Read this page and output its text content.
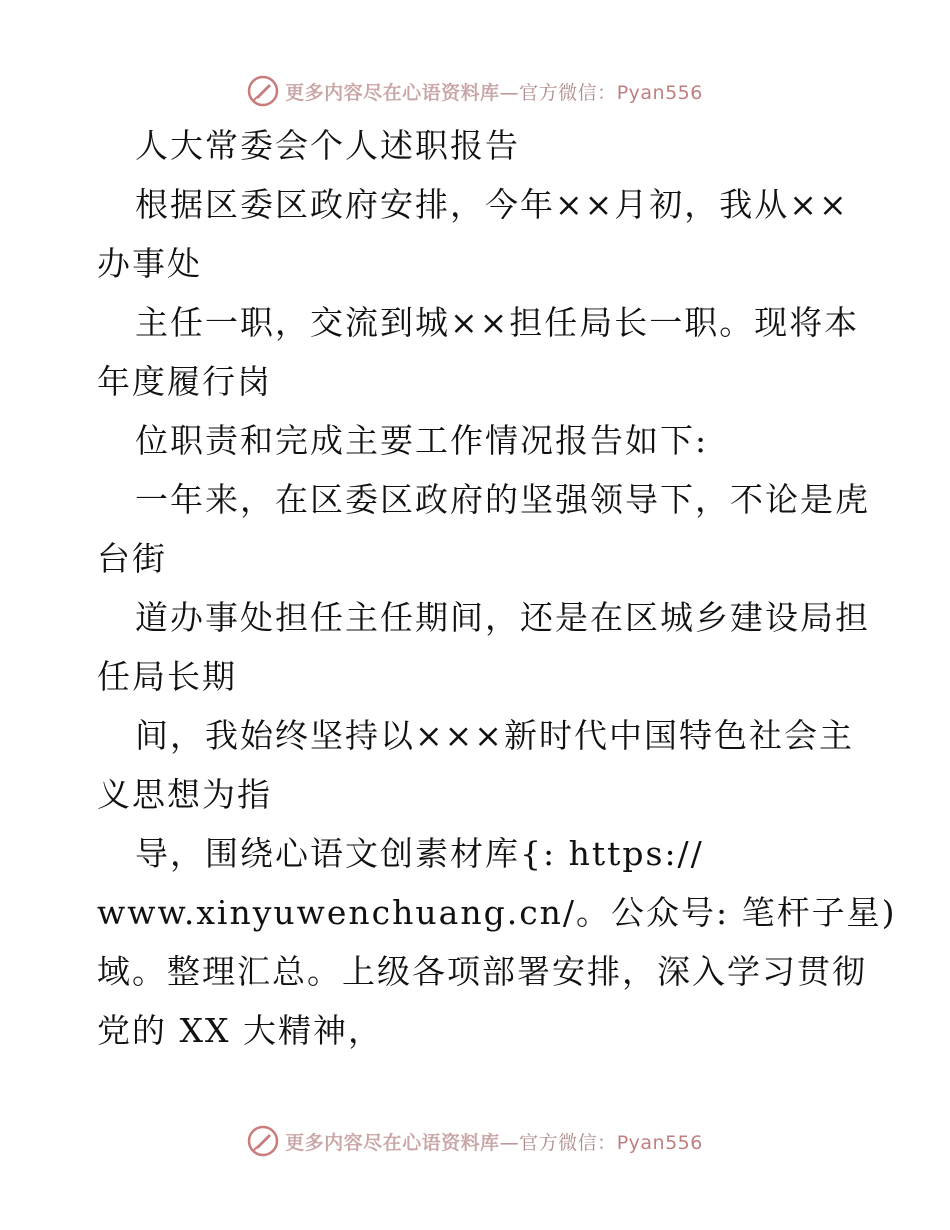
更多内容尽在心语资料库—官方微信：Pyan556
人大常委会个人述职报告
根据区委区政府安排，今年××月初，我从××
办事处
主任一职，交流到城××担任局长一职。现将本
年度履行岗
位职责和完成主要工作情况报告如下:
一年来，在区委区政府的坚强领导下，不论是虎
台街
道办事处担任主任期间，还是在区城乡建设局担
任局长期
间，我始终坚持以×××新时代中国特色社会主
义思想为指
导，围绕心语文创素材库{: https://
www.xinyuwenchuang.cn/。公众号: 笔杆子星)
域。整理汇总。上级各项部署安排，深入学习贯彻
党的 XX 大精神，
更多内容尽在心语资料库—官方微信：Pyan556
